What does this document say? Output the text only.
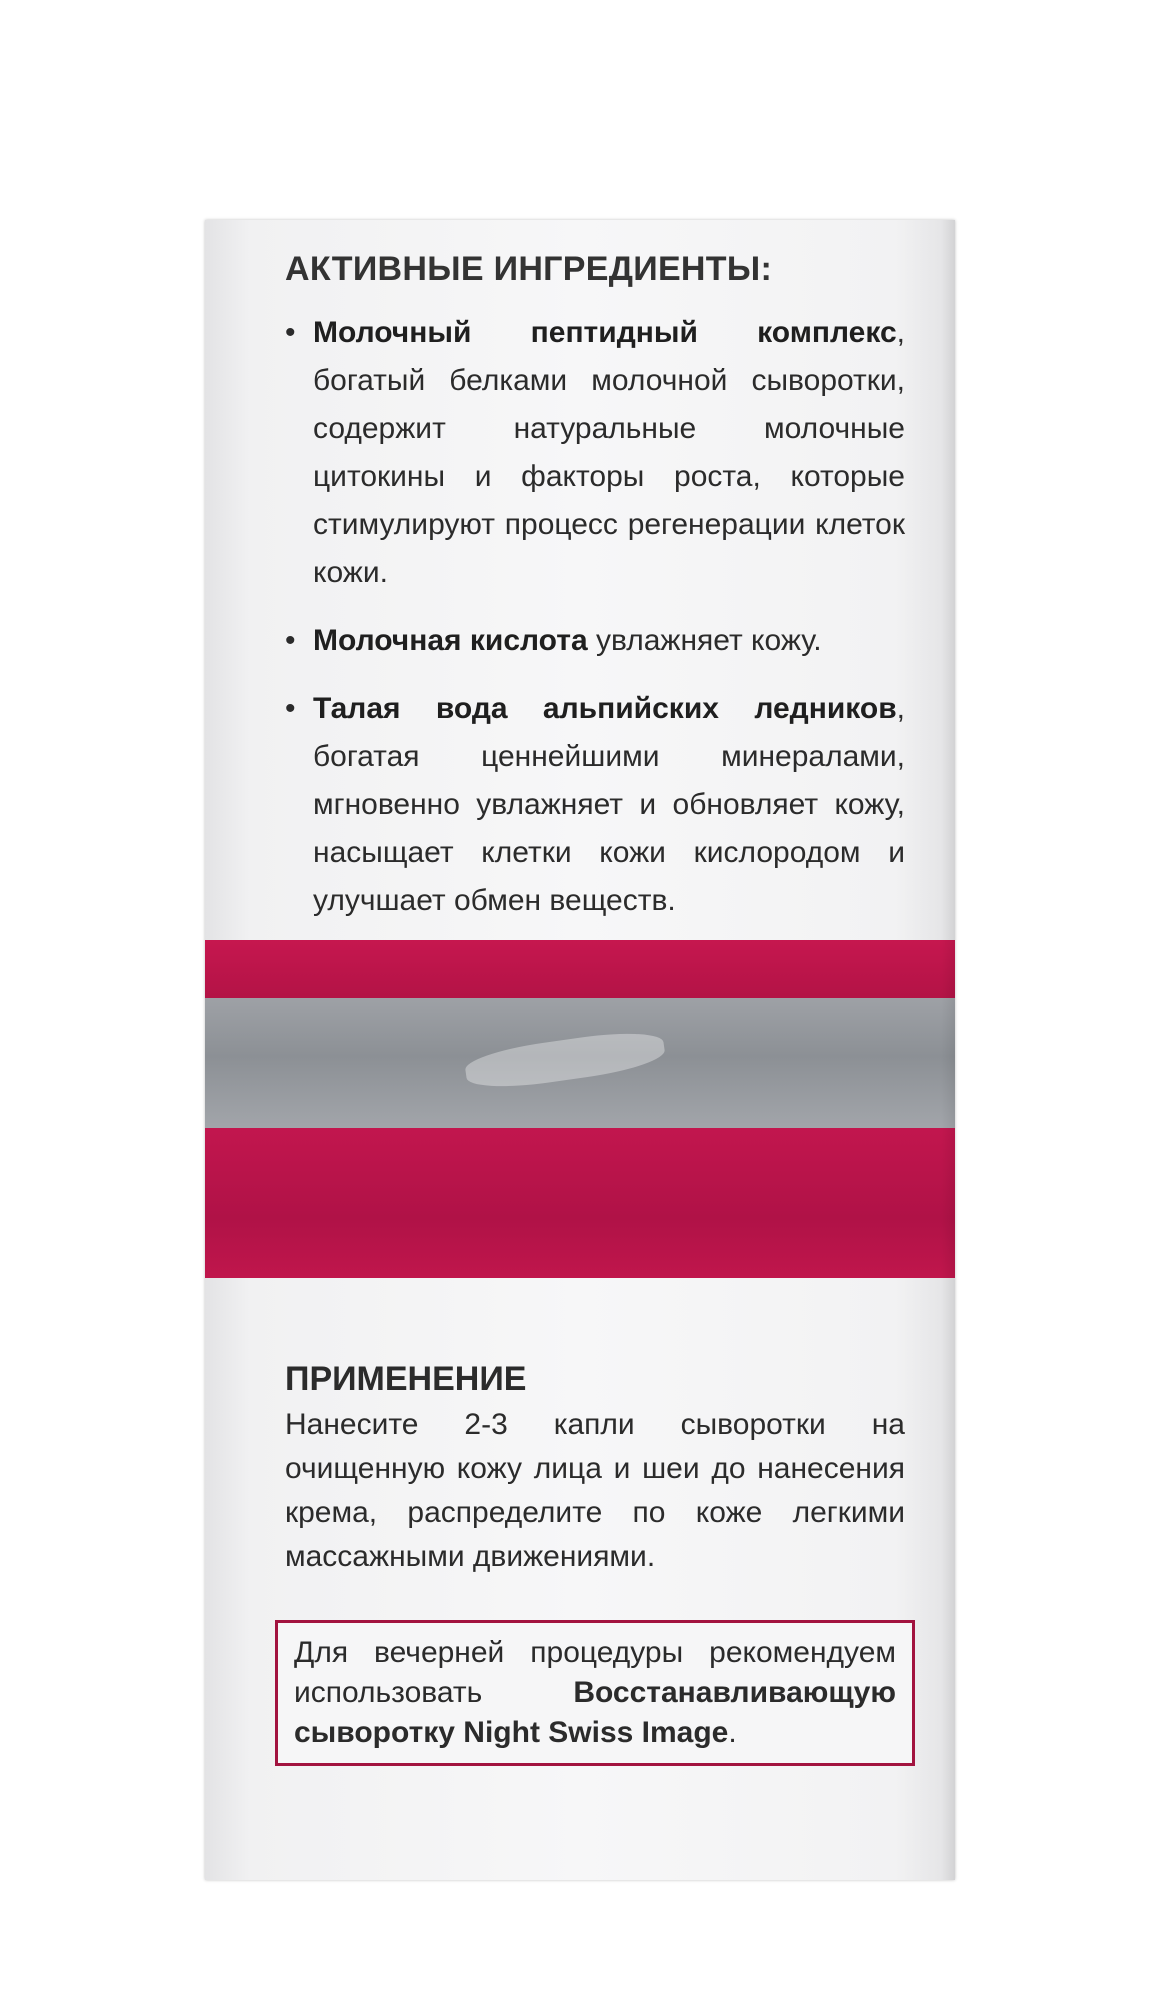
АКТИВНЫЕ ИНГРЕДИЕНТЫ:
• Молочный пептидный комплекс, богатый белками молочной сыворотки, содержит натуральные молочные цитокины и факторы роста, которые стимулируют процесс регенерации клеток кожи.
• Молочная кислота увлажняет кожу.
• Талая вода альпийских ледников, богатая ценнейшими минералами, мгновенно увлажняет и обновляет кожу, насыщает клетки кожи кислородом и улучшает обмен веществ.
ПРИМЕНЕНИЕ

Нанесите 2-3 капли сыворотки на очищенную кожу лица и шеи до нанесения крема, распределите по коже легкими массажными движениями.

Для вечерней процедуры рекомендуем использовать Восстанавливающую сыворотку Night Swiss Image.
